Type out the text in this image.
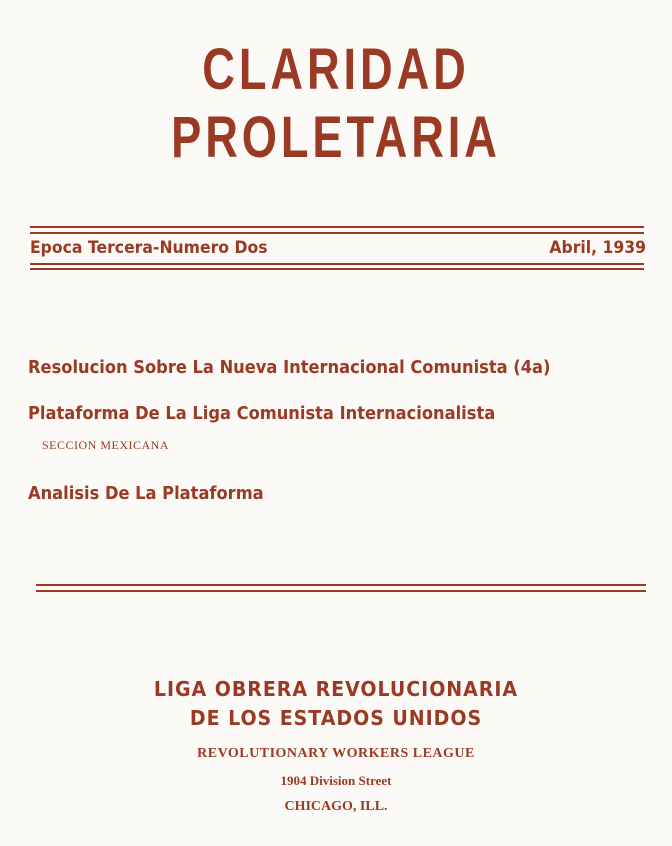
CLARIDAD
PROLETARIA
Epoca Tercera-Numero Dos	Abril, 1939
Resolucion Sobre La Nueva Internacional Comunista (4a)
Plataforma De La Liga Comunista Internacionalista
SECCION MEXICANA
Analisis De La Plataforma
LIGA OBRERA REVOLUCIONARIA
DE LOS ESTADOS UNIDOS
REVOLUTIONARY WORKERS LEAGUE
1904 Division Street
CHICAGO, ILL.
